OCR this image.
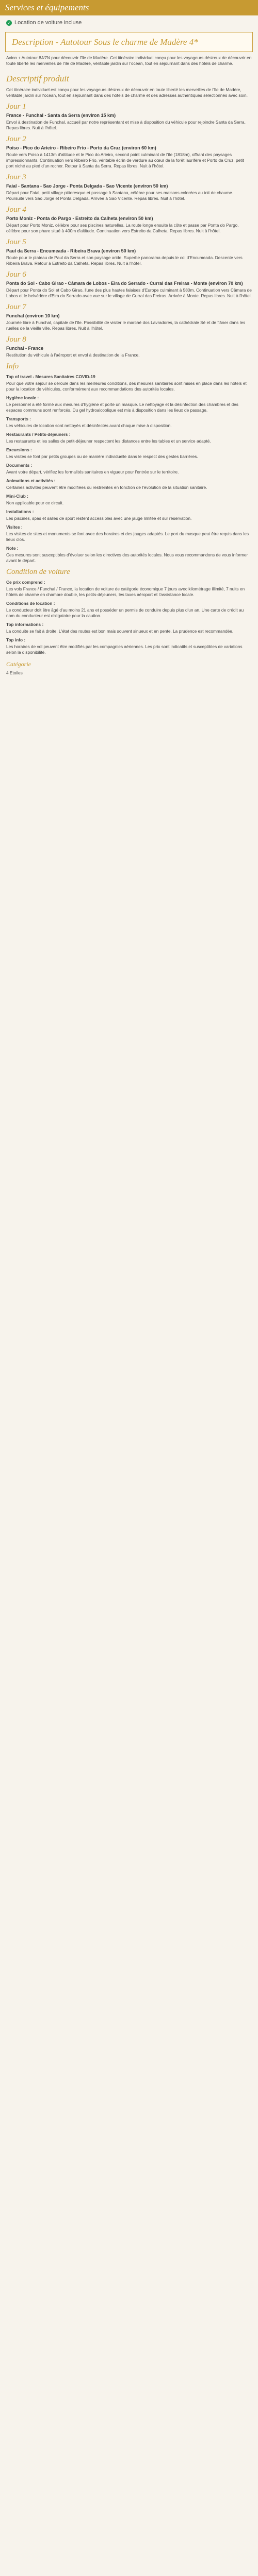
Services et équipements
✓ Location de voiture incluse
Description - Autotour Sous le charme de Madère 4*

Avion + Autotour 8J/7N pour découvrir l'île de Madère. Cet itinéraire individuel conçu pour les voyageurs désireux de découvrir en toute liberté les merveilles de l'île de Madère, véritable jardin sur l'océan, tout en séjournant dans des hôtels de charme.

Descriptif produit

Cet itinéraire individuel est conçu pour les voyageurs désireux de découvrir en toute liberté les merveilles de l'île de Madère, véritable jardin sur l'océan, tout en séjournant dans des hôtels de charme et des adresses authentiques sélectionnés avec soin.

Jour 1
France - Funchal - Santa da Serra (environ 15 km)

Envol à destination de Funchal, accueil par notre représentant et mise à disposition du véhicule pour rejoindre Santa da Serra. Repas libres. Nuit à l'hôtel.

Jour 2
Poiso - Pico do Arieiro - Ribeiro Frio - Porto da Cruz (environ 60 km)

Route vers Poiso à 1413m d'altitude et le Pico do Arieiro, second point culminant de l'île (1818m), offrant des paysages impressionnants. Continuation vers Ribeiro Frio, véritable écrin de verdure au cœur de la forêt laurifère et Porto da Cruz, petit port niché au pied d'un rocher. Retour à Santa da Serra. Repas libres. Nuit à l'hôtel.

Jour 3
Faial - Santana - Sao Jorge - Ponta Delgada - Sao Vicente (environ 50 km)

Départ pour Faial, petit village pittoresque et passage à Santana, célèbre pour ses maisons colorées au toit de chaume. Poursuite vers Sao Jorge et Ponta Delgada. Arrivée à Sao Vicente. Repas libres. Nuit à l'hôtel.

Jour 4
Porto Moniz - Ponta do Pargo - Estreito da Calheta (environ 50 km)

Départ pour Porto Moniz, célèbre pour ses piscines naturelles. La route longe ensuite la côte et passe par Ponta do Pargo, célèbre pour son phare situé à 400m d'altitude. Continuation vers Estreito da Calheta. Repas libres. Nuit à l'hôtel.

Jour 5
Paul da Serra - Encumeada - Ribeira Brava (environ 50 km)

Route pour le plateau de Paul da Serra et son paysage aride. Superbe panorama depuis le col d'Encumeada. Descente vers Ribeira Brava. Retour à Estreito da Calheta. Repas libres. Nuit à l'hôtel.

Jour 6
Ponta do Sol - Cabo Girao - Câmara de Lobos - Eira do Serrado - Curral das Freiras - Monte (environ 70 km)

Départ pour Ponta do Sol et Cabo Girao, l'une des plus hautes falaises d'Europe culminant à 580m. Continuation vers Câmara de Lobos et le belvédère d'Eira do Serrado avec vue sur le village de Curral das Freiras. Arrivée à Monte. Repas libres. Nuit à l'hôtel.

Jour 7
Funchal (environ 10 km)

Journée libre à Funchal, capitale de l'île. Possibilité de visiter le marché dos Lavradores, la cathédrale Sé et de flâner dans les ruelles de la vieille ville. Repas libres. Nuit à l'hôtel.

Jour 8
Funchal - France

Restitution du véhicule à l'aéroport et envol à destination de la France.

Info
Top of travel - Mesures Sanitaires COVID-19

Pour que votre séjour se déroule dans les meilleures conditions, des mesures sanitaires sont mises en place dans les hôtels et pour la location de véhicules, conformément aux recommandations des autorités locales.

Hygiène locale :

Le personnel a été formé aux mesures d'hygiène et porte un masque. Le nettoyage et la désinfection des chambres et des espaces communs sont renforcés. Du gel hydroalcoolique est mis à disposition dans les lieux de passage.

Transports :

Les véhicules de location sont nettoyés et désinfectés avant chaque mise à disposition.

Restaurants / Petits-déjeuners :

Les restaurants et les salles de petit-déjeuner respectent les distances entre les tables et un service adapté.

Excursions :

Les visites se font par petits groupes ou de manière individuelle dans le respect des gestes barrières.

Documents :

Avant votre départ, vérifiez les formalités sanitaires en vigueur pour l'entrée sur le territoire.

Animations et activités :

Certaines activités peuvent être modifiées ou restreintes en fonction de l'évolution de la situation sanitaire.

Mini-Club :

Non applicable pour ce circuit.

Installations :

Les piscines, spas et salles de sport restent accessibles avec une jauge limitée et sur réservation.

Visites :

Les visites de sites et monuments se font avec des horaires et des jauges adaptés. Le port du masque peut être requis dans les lieux clos.

Note :

Ces mesures sont susceptibles d'évoluer selon les directives des autorités locales. Nous vous recommandons de vous informer avant le départ.

Condition de voiture
Ce prix comprend :

Les vols France / Funchal / France, la location de voiture de catégorie économique 7 jours avec kilométrage illimité, 7 nuits en hôtels de charme en chambre double, les petits-déjeuners, les taxes aéroport et l'assistance locale.

Conditions de location :

Le conducteur doit être âgé d'au moins 21 ans et posséder un permis de conduire depuis plus d'un an. Une carte de crédit au nom du conducteur est obligatoire pour la caution.

Top informations :

La conduite se fait à droite. L'état des routes est bon mais souvent sinueux et en pente. La prudence est recommandée.

Top info :

Les horaires de vol peuvent être modifiés par les compagnies aériennes. Les prix sont indicatifs et susceptibles de variations selon la disponibilité.

Catégorie
4 Etoiles
